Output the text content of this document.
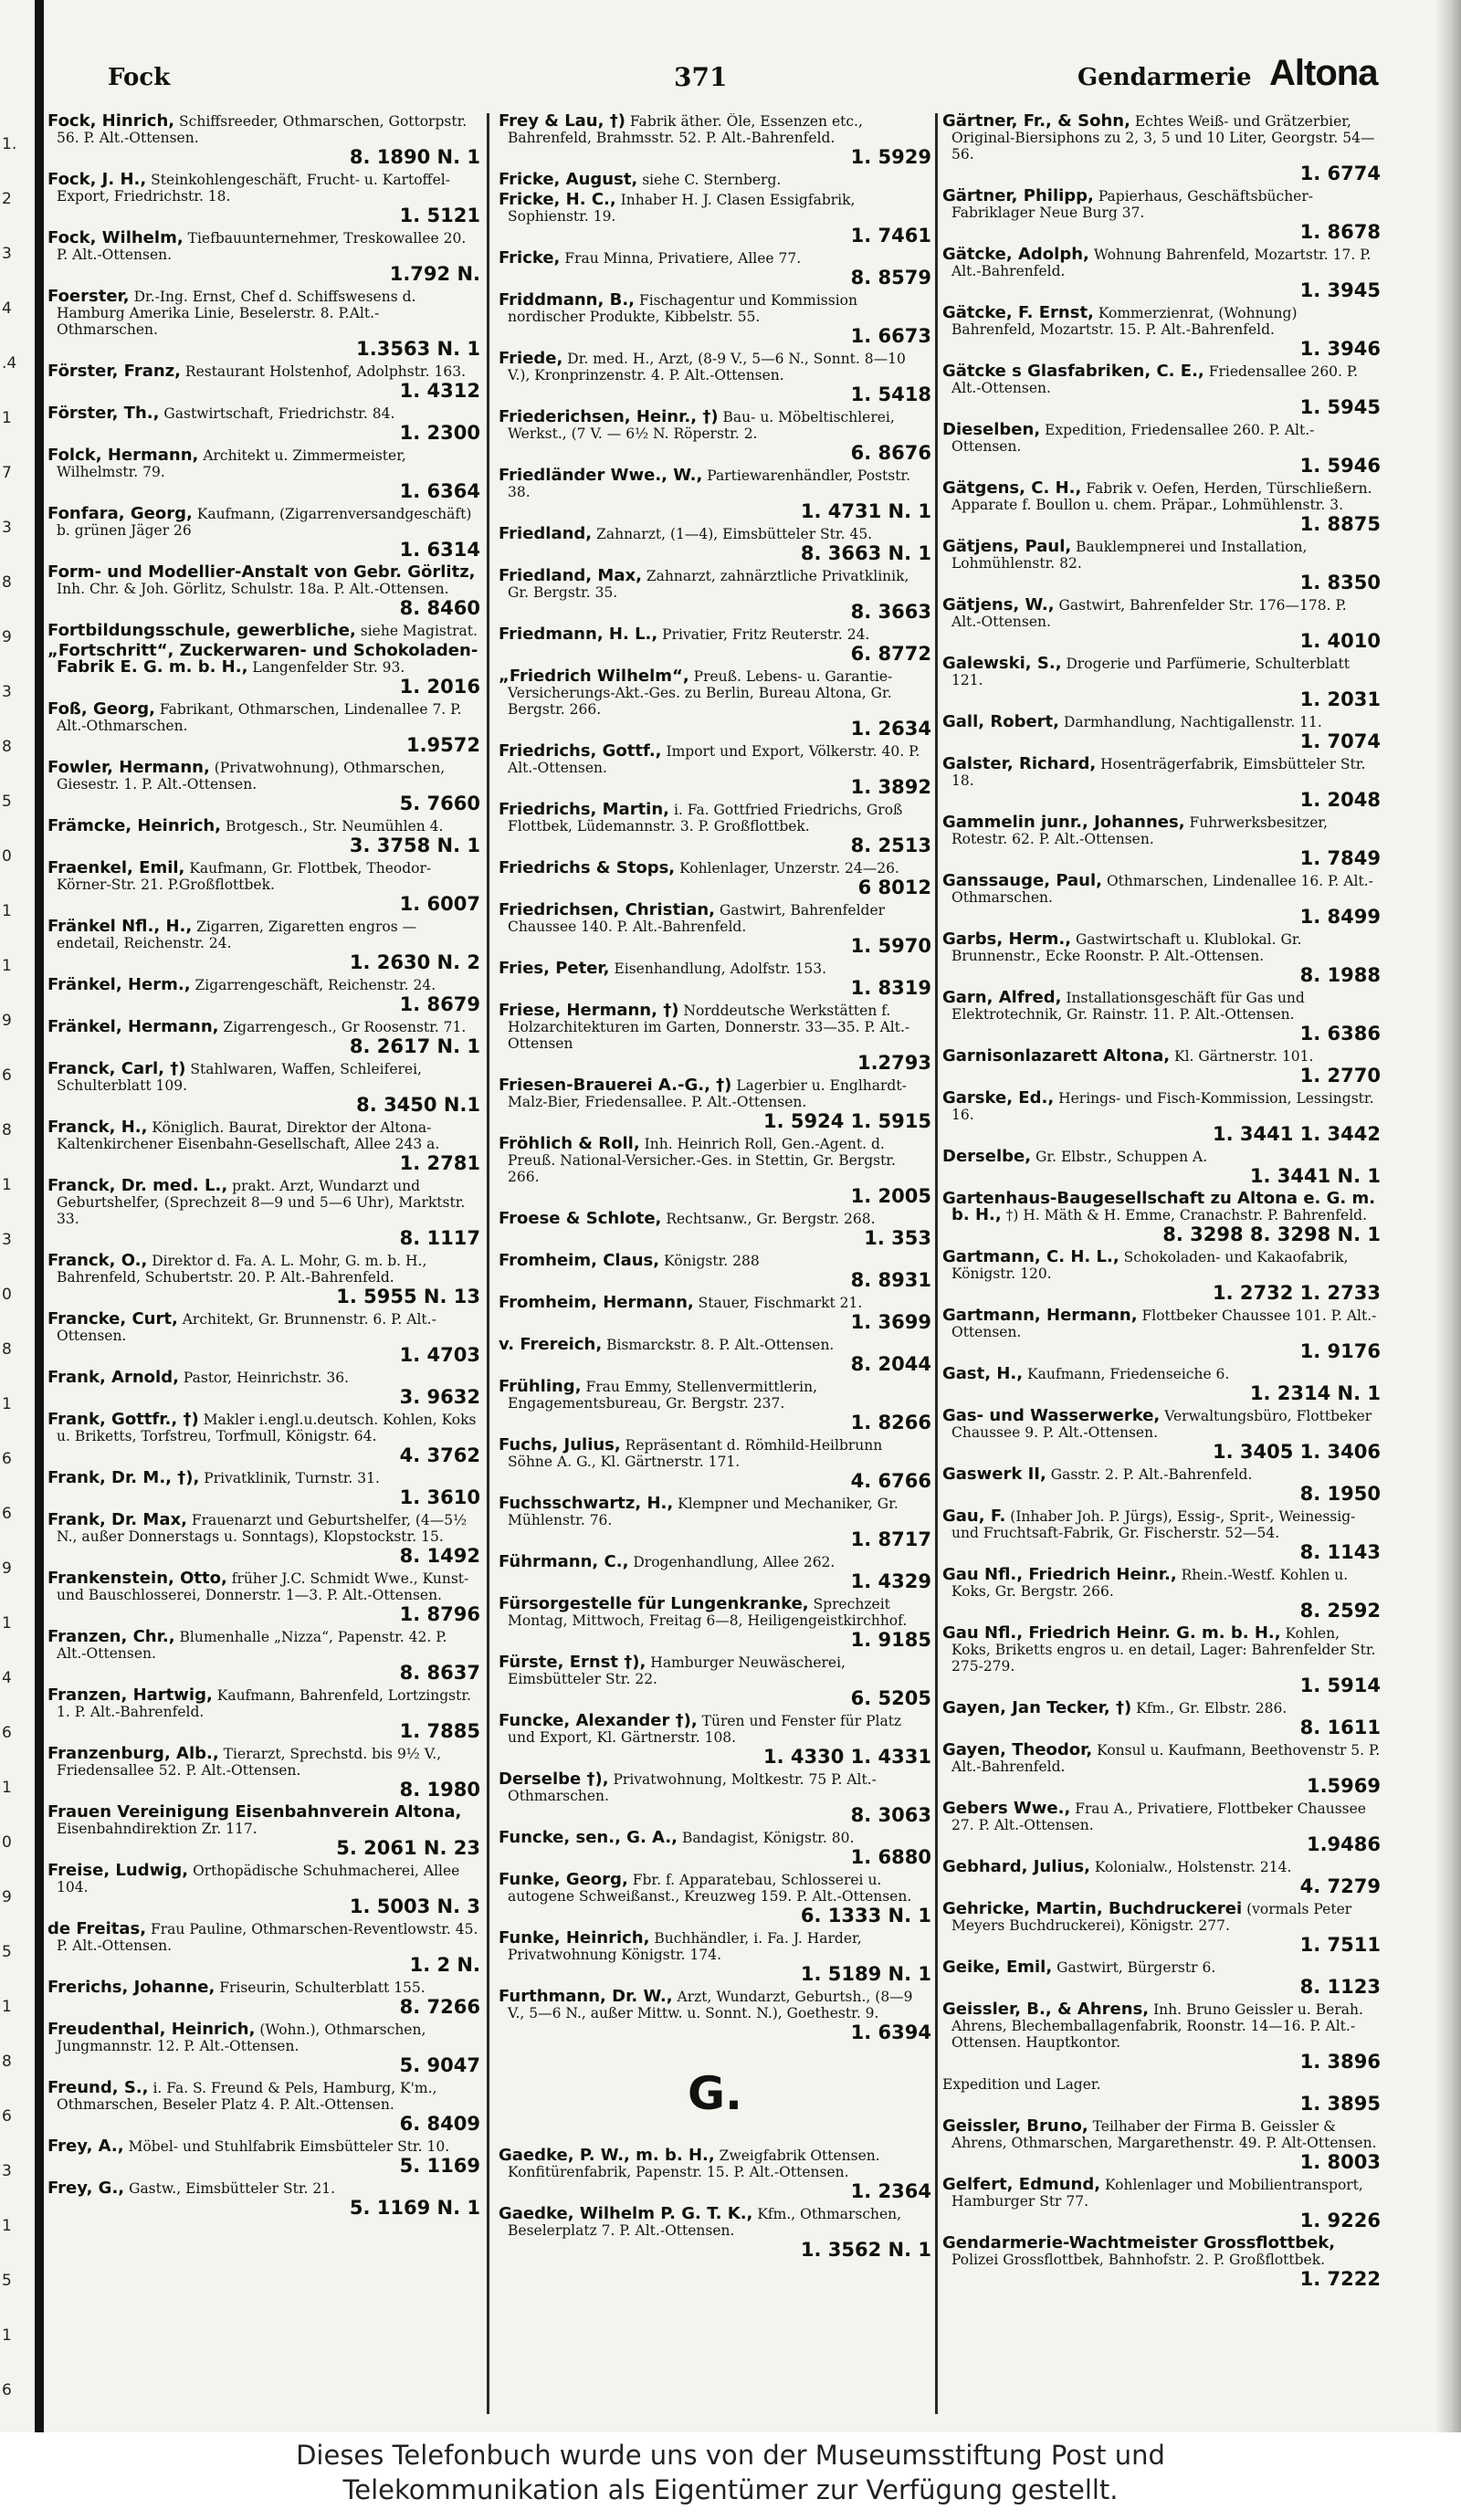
1.
2
3
4
.4
1
7
3
8
9
3
8
5
0
1
1
9
6
8
1
3
0
8
1
6
6
9
1
4
6
1
0
9
5
1
8
6
3
1
5
1
6
Fock	371	Gendarmerie Altona
Fock, Hinrich, Schiffsreeder, Othmarschen, Gottorpstr. 56. P. Alt.-Ottensen.
8. 1890 N. 1
Fock, J. H., Steinkohlengeschäft, Frucht- u. Kartoffel-Export, Friedrichstr. 18.
1. 5121
Fock, Wilhelm, Tiefbauunternehmer, Treskowallee 20. P. Alt.-Ottensen.
1.792 N.
Foerster, Dr.-Ing. Ernst, Chef d. Schiffswesens d. Hamburg Amerika Linie, Beselerstr. 8. P.Alt.-Othmarschen.
1.3563 N. 1
Förster, Franz, Restaurant Holstenhof, Adolphstr. 163.
1. 4312
Förster, Th., Gastwirtschaft, Friedrichstr. 84.
1. 2300
Folck, Hermann, Architekt u. Zimmermeister, Wilhelmstr. 79.
1. 6364
Fonfara, Georg, Kaufmann, (Zigarrenversandgeschäft) b. grünen Jäger 26
1. 6314
Form- und Modellier-Anstalt von Gebr. Görlitz, Inh. Chr. & Joh. Görlitz, Schulstr. 18a. P. Alt.-Ottensen.
8. 8460
Fortbildungsschule, gewerbliche, siehe Magistrat.
„Fortschritt“, Zuckerwaren- und Schokoladen-Fabrik E. G. m. b. H., Langenfelder Str. 93.
1. 2016
Foß, Georg, Fabrikant, Othmarschen, Lindenallee 7. P. Alt.-Othmarschen.
1.9572
Fowler, Hermann, (Privatwohnung), Othmarschen, Giesestr. 1. P. Alt.-Ottensen.
5. 7660
Främcke, Heinrich, Brotgesch., Str. Neumühlen 4.
3. 3758 N. 1
Fraenkel, Emil, Kaufmann, Gr. Flottbek, Theodor-Körner-Str. 21. P.Großflottbek.
1. 6007
Fränkel Nfl., H., Zigarren, Zigaretten engros — endetail, Reichenstr. 24.
1. 2630 N. 2
Fränkel, Herm., Zigarrengeschäft, Reichenstr. 24.
1. 8679
Fränkel, Hermann, Zigarrengesch., Gr Roosenstr. 71.
8. 2617 N. 1
Franck, Carl, †) Stahlwaren, Waffen, Schleiferei, Schulterblatt 109.
8. 3450 N.1
Franck, H., Königlich. Baurat, Direktor der Altona-Kaltenkirchener Eisenbahn-Gesellschaft, Allee 243 a.
1. 2781
Franck, Dr. med. L., prakt. Arzt, Wundarzt und Geburtshelfer, (Sprechzeit 8—9 und 5—6 Uhr), Marktstr. 33.
8. 1117
Franck, O., Direktor d. Fa. A. L. Mohr, G. m. b. H., Bahrenfeld, Schubertstr. 20. P. Alt.-Bahrenfeld.
1. 5955 N. 13
Francke, Curt, Architekt, Gr. Brunnenstr. 6. P. Alt.-Ottensen.
1. 4703
Frank, Arnold, Pastor, Heinrichstr. 36.
3. 9632
Frank, Gottfr., †) Makler i.engl.u.deutsch. Kohlen, Koks u. Briketts, Torfstreu, Torfmull, Königstr. 64.
4. 3762
Frank, Dr. M., †), Privatklinik, Turnstr. 31.
1. 3610
Frank, Dr. Max, Frauenarzt und Geburtshelfer, (4—5½ N., außer Donnerstags u. Sonntags), Klopstockstr. 15.
8. 1492
Frankenstein, Otto, früher J.C. Schmidt Wwe., Kunst- und Bauschlosserei, Donnerstr. 1—3. P. Alt.-Ottensen.
1. 8796
Franzen, Chr., Blumenhalle „Nizza“, Papenstr. 42. P. Alt.-Ottensen.
8. 8637
Franzen, Hartwig, Kaufmann, Bahrenfeld, Lortzingstr. 1. P. Alt.-Bahrenfeld.
1. 7885
Franzenburg, Alb., Tierarzt, Sprechstd. bis 9½ V., Friedensallee 52. P. Alt.-Ottensen.
8. 1980
Frauen Vereinigung Eisenbahnverein Altona, Eisenbahndirektion Zr. 117.
5. 2061 N. 23
Freise, Ludwig, Orthopädische Schuhmacherei, Allee 104.
1. 5003 N. 3
de Freitas, Frau Pauline, Othmarschen-Reventlowstr. 45. P. Alt.-Ottensen.
1. 2 N.
Frerichs, Johanne, Friseurin, Schulterblatt 155.
8. 7266
Freudenthal, Heinrich, (Wohn.), Othmarschen, Jungmannstr. 12. P. Alt.-Ottensen.
5. 9047
Freund, S., i. Fa. S. Freund & Pels, Hamburg, K'm., Othmarschen, Beseler Platz 4. P. Alt.-Ottensen.
6. 8409
Frey, A., Möbel- und Stuhlfabrik Eimsbütteler Str. 10.
5. 1169
Frey, G., Gastw., Eimsbütteler Str. 21.
5. 1169 N. 1
Frey & Lau, †) Fabrik äther. Öle, Essenzen etc., Bahrenfeld, Brahmsstr. 52. P. Alt.-Bahrenfeld.
1. 5929
Fricke, August, siehe C. Sternberg.
Fricke, H. C., Inhaber H. J. Clasen Essigfabrik, Sophienstr. 19.
1. 7461
Fricke, Frau Minna, Privatiere, Allee 77.
8. 8579
Friddmann, B., Fischagentur und Kommission nordischer Produkte, Kibbelstr. 55.
1. 6673
Friede, Dr. med. H., Arzt, (8-9 V., 5—6 N., Sonnt. 8—10 V.), Kronprinzenstr. 4. P. Alt.-Ottensen.
1. 5418
Friederichsen, Heinr., †) Bau- u. Möbeltischlerei, Werkst., (7 V. — 6½ N. Röperstr. 2.
6. 8676
Friedländer Wwe., W., Partiewarenhändler, Poststr. 38.
1. 4731 N. 1
Friedland, Zahnarzt, (1—4), Eimsbütteler Str. 45.
8. 3663 N. 1
Friedland, Max, Zahnarzt, zahnärztliche Privatklinik, Gr. Bergstr. 35.
8. 3663
Friedmann, H. L., Privatier, Fritz Reuterstr. 24.
6. 8772
„Friedrich Wilhelm“, Preuß. Lebens- u. Garantie-Versicherungs-Akt.-Ges. zu Berlin, Bureau Altona, Gr. Bergstr. 266.
1. 2634
Friedrichs, Gottf., Import und Export, Völkerstr. 40. P. Alt.-Ottensen.
1. 3892
Friedrichs, Martin, i. Fa. Gottfried Friedrichs, Groß Flottbek, Lüdemannstr. 3. P. Großflottbek.
8. 2513
Friedrichs & Stops, Kohlenlager, Unzerstr. 24—26.
6 8012
Friedrichsen, Christian, Gastwirt, Bahrenfelder Chaussee 140. P. Alt.-Bahrenfeld.
1. 5970
Fries, Peter, Eisenhandlung, Adolfstr. 153.
1. 8319
Friese, Hermann, †) Norddeutsche Werkstätten f. Holzarchitekturen im Garten, Donnerstr. 33—35. P. Alt.-Ottensen
1.2793
Friesen-Brauerei A.-G., †) Lagerbier u. Englhardt-Malz-Bier, Friedensallee. P. Alt.-Ottensen.
1. 5924 1. 5915
Fröhlich & Roll, Inh. Heinrich Roll, Gen.-Agent. d. Preuß. National-Versicher.-Ges. in Stettin, Gr. Bergstr. 266.
1. 2005
Froese & Schlote, Rechtsanw., Gr. Bergstr. 268.
1. 353
Fromheim, Claus, Königstr. 288
8. 8931
Fromheim, Hermann, Stauer, Fischmarkt 21.
1. 3699
v. Frereich, Bismarckstr. 8. P. Alt.-Ottensen.
8. 2044
Frühling, Frau Emmy, Stellenvermittlerin, Engagementsbureau, Gr. Bergstr. 237.
1. 8266
Fuchs, Julius, Repräsentant d. Römhild-Heilbrunn Söhne A. G., Kl. Gärtnerstr. 171.
4. 6766
Fuchsschwartz, H., Klempner und Mechaniker, Gr. Mühlenstr. 76.
1. 8717
Führmann, C., Drogenhandlung, Allee 262.
1. 4329
Fürsorgestelle für Lungenkranke, Sprechzeit Montag, Mittwoch, Freitag 6—8, Heiligengeistkirchhof.
1. 9185
Fürste, Ernst †), Hamburger Neuwäscherei, Eimsbütteler Str. 22.
6. 5205
Funcke, Alexander †), Türen und Fenster für Platz und Export, Kl. Gärtnerstr. 108.
1. 4330 1. 4331
Derselbe †), Privatwohnung, Moltkestr. 75 P. Alt.-Othmarschen.
8. 3063
Funcke, sen., G. A., Bandagist, Königstr. 80.
1. 6880
Funke, Georg, Fbr. f. Apparatebau, Schlosserei u. autogene Schweißanst., Kreuzweg 159. P. Alt.-Ottensen.
6. 1333 N. 1
Funke, Heinrich, Buchhändler, i. Fa. J. Harder, Privatwohnung Königstr. 174.
1. 5189 N. 1
Furthmann, Dr. W., Arzt, Wundarzt, Geburtsh., (8—9 V., 5—6 N., außer Mittw. u. Sonnt. N.), Goethestr. 9.
1. 6394
G.
Gaedke, P. W., m. b. H., Zweigfabrik Ottensen. Konfitürenfabrik, Papenstr. 15. P. Alt.-Ottensen.
1. 2364
Gaedke, Wilhelm P. G. T. K., Kfm., Othmarschen, Beselerplatz 7. P. Alt.-Ottensen.
1. 3562 N. 1
Gärtner, Fr., & Sohn, Echtes Weiß- und Grätzerbier, Original-Biersiphons zu 2, 3, 5 und 10 Liter, Georgstr. 54—56.
1. 6774
Gärtner, Philipp, Papierhaus, Geschäftsbücher-Fabriklager Neue Burg 37.
1. 8678
Gätcke, Adolph, Wohnung Bahrenfeld, Mozartstr. 17. P. Alt.-Bahrenfeld.
1. 3945
Gätcke, F. Ernst, Kommerzienrat, (Wohnung) Bahrenfeld, Mozartstr. 15. P. Alt.-Bahrenfeld.
1. 3946
Gätcke s Glasfabriken, C. E., Friedensallee 260. P. Alt.-Ottensen.
1. 5945
Dieselben, Expedition, Friedensallee 260. P. Alt.-Ottensen.
1. 5946
Gätgens, C. H., Fabrik v. Oefen, Herden, Türschließern. Apparate f. Boullon u. chem. Präpar., Lohmühlenstr. 3.
1. 8875
Gätjens, Paul, Bauklempnerei und Installation, Lohmühlenstr. 82.
1. 8350
Gätjens, W., Gastwirt, Bahrenfelder Str. 176—178. P. Alt.-Ottensen.
1. 4010
Galewski, S., Drogerie und Parfümerie, Schulterblatt 121.
1. 2031
Gall, Robert, Darmhandlung, Nachtigallenstr. 11.
1. 7074
Galster, Richard, Hosenträgerfabrik, Eimsbütteler Str. 18.
1. 2048
Gammelin junr., Johannes, Fuhrwerksbesitzer, Rotestr. 62. P. Alt.-Ottensen.
1. 7849
Ganssauge, Paul, Othmarschen, Lindenallee 16. P. Alt.-Othmarschen.
1. 8499
Garbs, Herm., Gastwirtschaft u. Klublokal. Gr. Brunnenstr., Ecke Roonstr. P. Alt.-Ottensen.
8. 1988
Garn, Alfred, Installationsgeschäft für Gas und Elektrotechnik, Gr. Rainstr. 11. P. Alt.-Ottensen.
1. 6386
Garnisonlazarett Altona, Kl. Gärtnerstr. 101.
1. 2770
Garske, Ed., Herings- und Fisch-Kommission, Lessingstr. 16.
1. 3441 1. 3442
Derselbe, Gr. Elbstr., Schuppen A.
1. 3441 N. 1
Gartenhaus-Baugesellschaft zu Altona e. G. m. b. H., †) H. Mäth & H. Emme, Cranachstr. P. Bahrenfeld.
8. 3298 8. 3298 N. 1
Gartmann, C. H. L., Schokoladen- und Kakaofabrik, Königstr. 120.
1. 2732 1. 2733
Gartmann, Hermann, Flottbeker Chaussee 101. P. Alt.-Ottensen.
1. 9176
Gast, H., Kaufmann, Friedenseiche 6.
1. 2314 N. 1
Gas- und Wasserwerke, Verwaltungsbüro, Flottbeker Chaussee 9. P. Alt.-Ottensen.
1. 3405 1. 3406
Gaswerk II, Gasstr. 2. P. Alt.-Bahrenfeld.
8. 1950
Gau, F. (Inhaber Joh. P. Jürgs), Essig-, Sprit-, Weinessig- und Fruchtsaft-Fabrik, Gr. Fischerstr. 52—54.
8. 1143
Gau Nfl., Friedrich Heinr., Rhein.-Westf. Kohlen u. Koks, Gr. Bergstr. 266.
8. 2592
Gau Nfl., Friedrich Heinr. G. m. b. H., Kohlen, Koks, Briketts engros u. en detail, Lager: Bahrenfelder Str. 275-279.
1. 5914
Gayen, Jan Tecker, †) Kfm., Gr. Elbstr. 286.
8. 1611
Gayen, Theodor, Konsul u. Kaufmann, Beethovenstr 5. P. Alt.-Bahrenfeld.
1.5969
Gebers Wwe., Frau A., Privatiere, Flottbeker Chaussee 27. P. Alt.-Ottensen.
1.9486
Gebhard, Julius, Kolonialw., Holstenstr. 214.
4. 7279
Gehricke, Martin, Buchdruckerei (vormals Peter Meyers Buchdruckerei), Königstr. 277.
1. 7511
Geike, Emil, Gastwirt, Bürgerstr 6.
8. 1123
Geissler, B., & Ahrens, Inh. Bruno Geissler u. Berah. Ahrens, Blechemballagenfabrik, Roonstr. 14—16. P. Alt.-Ottensen. Hauptkontor.
1. 3896
Expedition und Lager.
1. 3895
Geissler, Bruno, Teilhaber der Firma B. Geissler & Ahrens, Othmarschen, Margarethenstr. 49. P. Alt-Ottensen.
1. 8003
Gelfert, Edmund, Kohlenlager und Mobilientransport, Hamburger Str 77.
1. 9226
Gendarmerie-Wachtmeister Grossflottbek, Polizei Grossflottbek, Bahnhofstr. 2. P. Großflottbek.
1. 7222
Dieses Telefonbuch wurde uns von der Museumsstiftung Post und
Telekommunikation als Eigentümer zur Verfügung gestellt.
